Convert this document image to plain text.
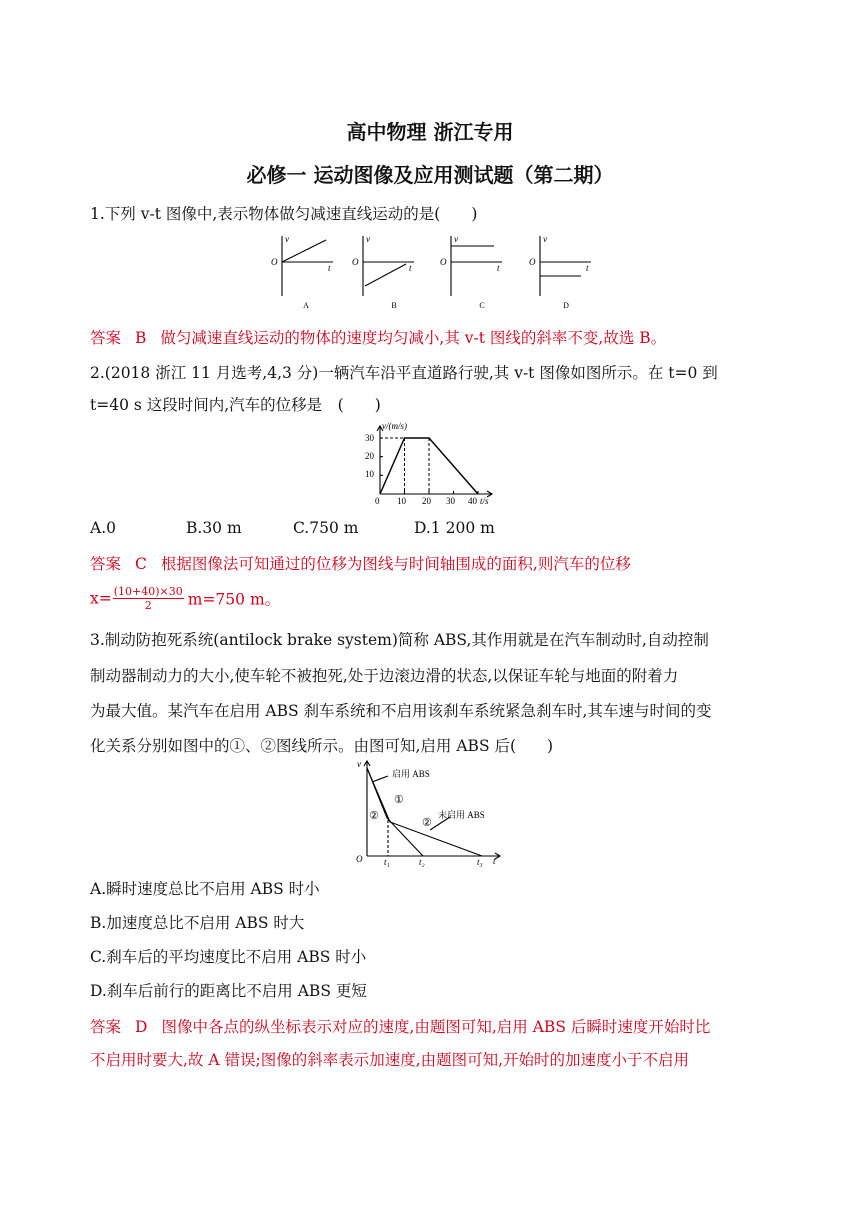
高中物理 浙江专用
必修一 运动图像及应用测试题（第二期）
1.下列 v-t 图像中,表示物体做匀减速直线运动的是(　　)
v
O
t
v
O
t
v
O
t
v
O
t
A	B	C	D
答案 B 做匀减速直线运动的物体的速度均匀减小,其 v-t 图线的斜率不变,故选 B。
2.(2018 浙江 11 月选考,4,3 分)一辆汽车沿平直道路行驶,其 v-t 图像如图所示。在 t=0 到
t=40 s 这段时间内,汽车的位移是　(　　)
v/(m/s)
t/s
30
20
10
0 10 20 30 40
A.0	B.30 m	C.750 m	D.1 200 m
答案 C 根据图像法可知通过的位移为图线与时间轴围成的面积,则汽车的位移
$x= \frac{(10+40)\times 30}{2} m=750$ m。
3.制动防抱死系统(antilock brake system)简称 ABS,其作用就是在汽车制动时,自动控制
制动器制动力的大小,使车轮不被抱死,处于边滚边滑的状态,以保证车轮与地面的附着力
为最大值。某汽车在启用 ABS 刹车系统和不启用该刹车系统紧急刹车时,其车速与时间的变
化关系分别如图中的①、②图线所示。由图可知,启用 ABS 后(　　)
v
O	t
启用 ABS
未启用 ABS
①
②
②
t₁	t₂	t₃
A.瞬时速度总比不启用 ABS 时小
B.加速度总比不启用 ABS 时大
C.刹车后的平均速度比不启用 ABS 时小
D.刹车后前行的距离比不启用 ABS 更短
答案 D 图像中各点的纵坐标表示对应的速度,由题图可知,启用 ABS 后瞬时速度开始时比
不启用时要大,故 A 错误;图像的斜率表示加速度,由题图可知,开始时的加速度小于不启用
